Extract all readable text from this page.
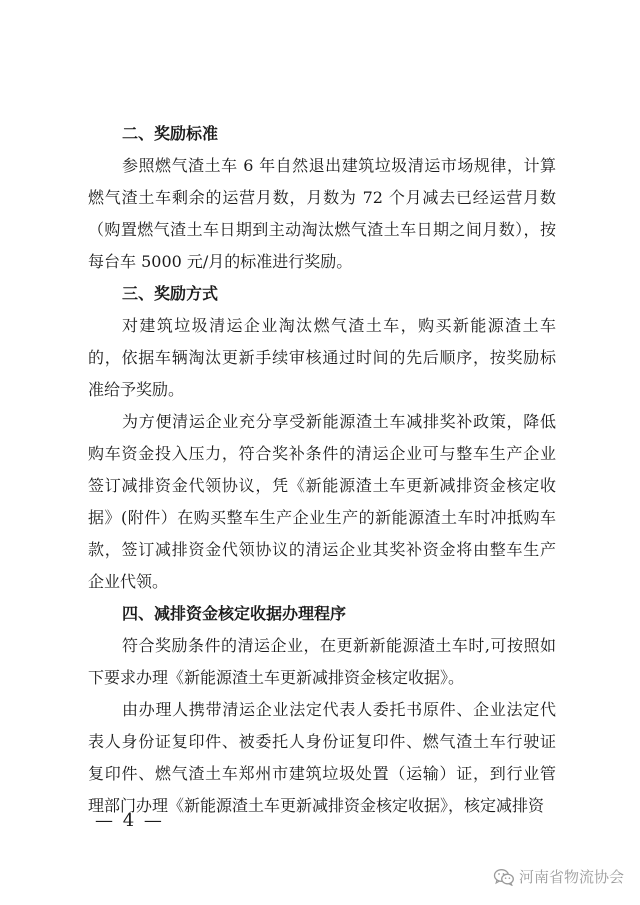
二、奖励标准
参照燃气渣土车 6 年自然退出建筑垃圾清运市场规律，计算
燃气渣土车剩余的运营月数，月数为 72 个月减去已经运营月数
（购置燃气渣土车日期到主动淘汰燃气渣土车日期之间月数），按
每台车 5000 元/月的标准进行奖励。
三、奖励方式
对建筑垃圾清运企业淘汰燃气渣土车，购买新能源渣土车
的，依据车辆淘汰更新手续审核通过时间的先后顺序，按奖励标
准给予奖励。
为方便清运企业充分享受新能源渣土车减排奖补政策，降低
购车资金投入压力，符合奖补条件的清运企业可与整车生产企业
签订减排资金代领协议，凭《新能源渣土车更新减排资金核定收
据》(附件）在购买整车生产企业生产的新能源渣土车时冲抵购车
款，签订减排资金代领协议的清运企业其奖补资金将由整车生产
企业代领。
四、减排资金核定收据办理程序
符合奖励条件的清运企业，在更新新能源渣土车时,可按照如
下要求办理《新能源渣土车更新减排资金核定收据》。
由办理人携带清运企业法定代表人委托书原件、企业法定代
表人身份证复印件、被委托人身份证复印件、燃气渣土车行驶证
复印件、燃气渣土车郑州市建筑垃圾处置（运输）证，到行业管
理部门办理《新能源渣土车更新减排资金核定收据》，核定减排资
— 4 —
河南省物流协会
